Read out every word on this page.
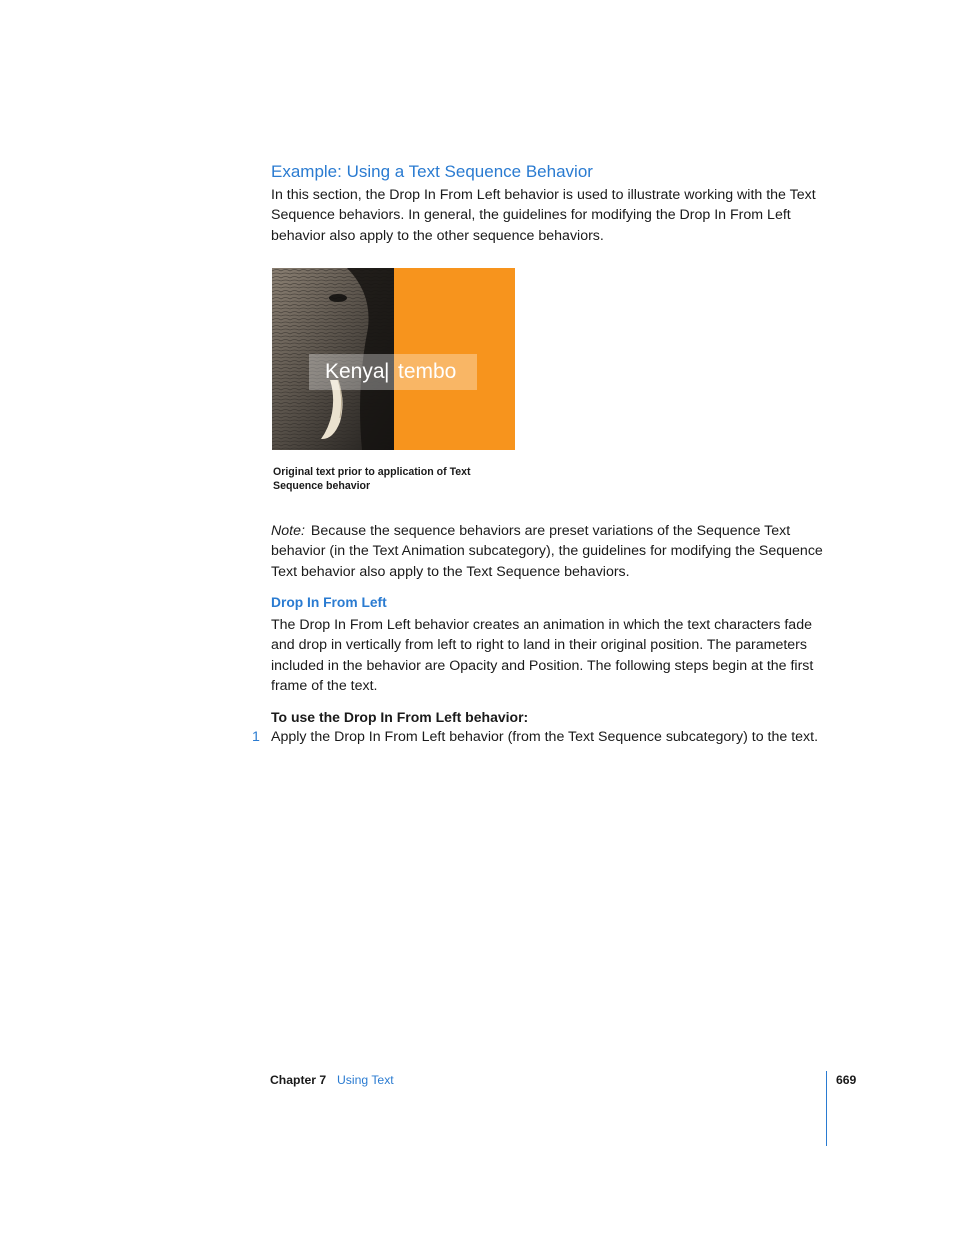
Example: Using a Text Sequence Behavior
In this section, the Drop In From Left behavior is used to illustrate working with the Text Sequence behaviors. In general, the guidelines for modifying the Drop In From Left behavior also apply to the other sequence behaviors.
Kenya | tembo
Original text prior to application of Text Sequence behavior
Note: Because the sequence behaviors are preset variations of the Sequence Text behavior (in the Text Animation subcategory), the guidelines for modifying the Sequence Text behavior also apply to the Text Sequence behaviors.
Drop In From Left
The Drop In From Left behavior creates an animation in which the text characters fade and drop in vertically from left to right to land in their original position. The parameters included in the behavior are Opacity and Position. The following steps begin at the first frame of the text.
To use the Drop In From Left behavior:
1 Apply the Drop In From Left behavior (from the Text Sequence subcategory) to the text.
Chapter 7 Using Text	669
